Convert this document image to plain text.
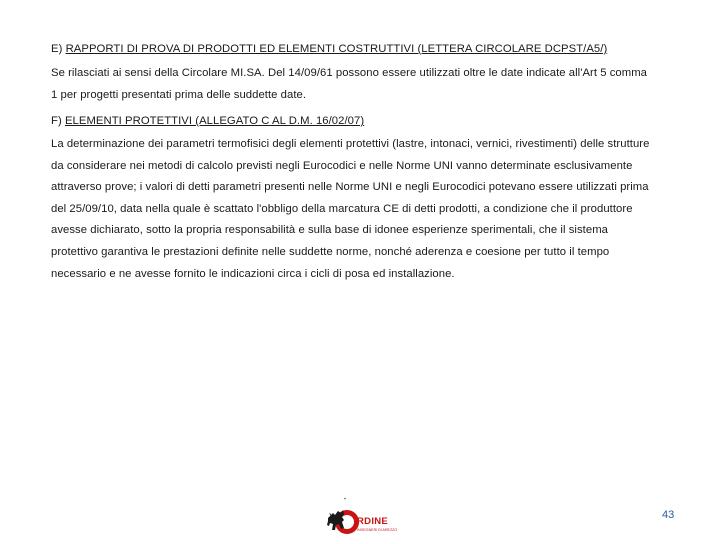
E) RAPPORTI DI PROVA DI PRODOTTI ED ELEMENTI COSTRUTTIVI (LETTERA CIRCOLARE DCPST/A5/)
Se rilasciati ai sensi della Circolare MI.SA. Del 14/09/61 possono essere utilizzati oltre le date indicate all'Art 5 comma
1 per progetti presentati prima delle suddette date.
F) ELEMENTI PROTETTIVI (ALLEGATO C AL D.M. 16/02/07)
La determinazione dei parametri termofisici degli elementi protettivi (lastre, intonaci, vernici, rivestimenti) delle strutture
da considerare nei metodi di calcolo previsti negli Eurocodici e nelle Norme UNI vanno determinate esclusivamente
attraverso prove; i valori di detti parametri presenti nelle Norme UNI e negli Eurocodici potevano essere utilizzati prima
del 25/09/10, data nella quale è scattato l'obbligo della marcatura CE di detti prodotti, a condizione che il produttore
avesse dichiarato, sotto la propria responsabilità e sulla base di idonee esperienze sperimentali, che il sistema
protettivo garantiva le prestazioni definite nelle suddette norme, nonché aderenza e coesione per tutto il tempo
necessario e ne avesse fornito le indicazioni circa i cicli di posa ed installazione.
RDINE
INGEGNERI DI AREZZO
43
